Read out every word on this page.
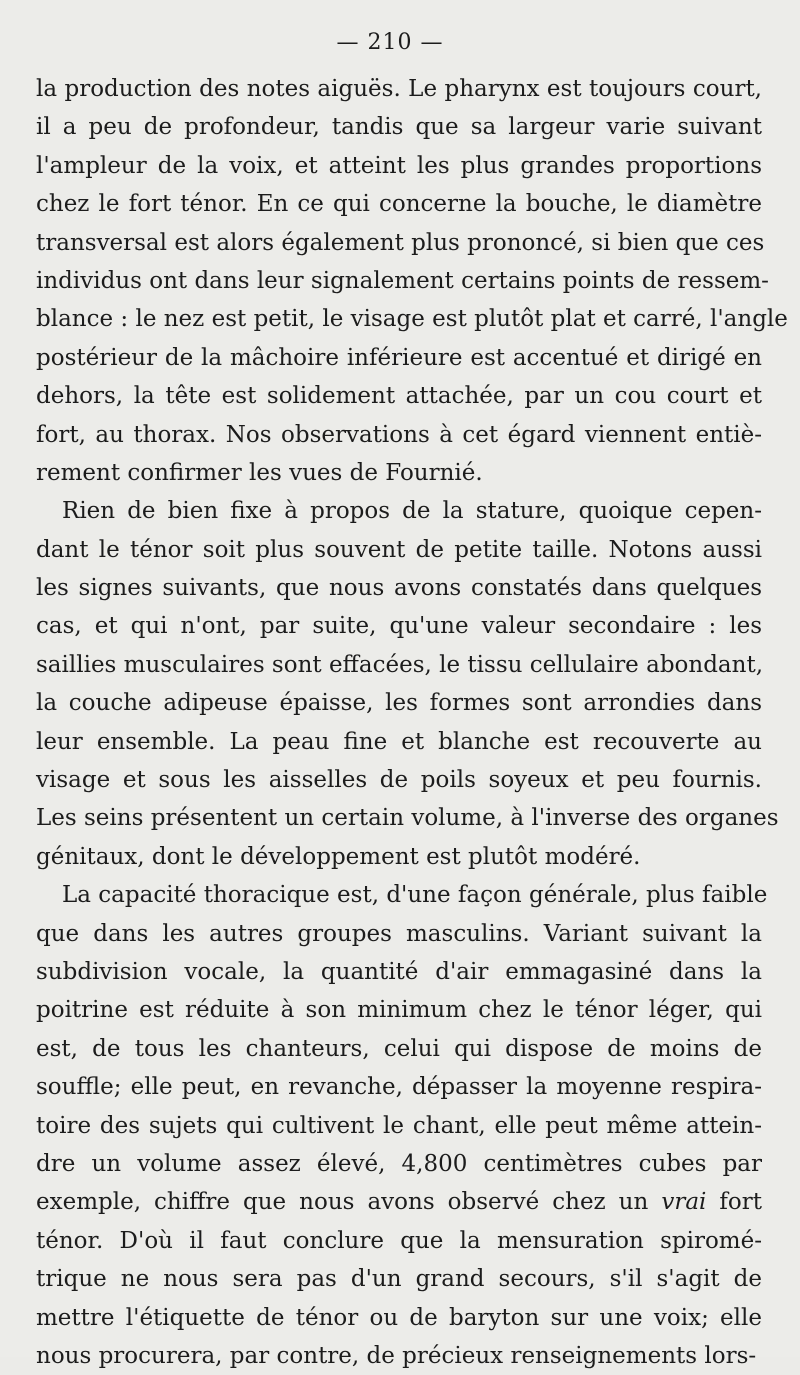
— 210 —
la production des notes aiguës. Le pharynx est toujours court,
il a peu de profondeur, tandis que sa largeur varie suivant
l'ampleur de la voix, et atteint les plus grandes proportions
chez le fort ténor. En ce qui concerne la bouche, le diamètre
transversal est alors également plus prononcé, si bien que ces
individus ont dans leur signalement certains points de ressem-
blance : le nez est petit, le visage est plutôt plat et carré, l'angle
postérieur de la mâchoire inférieure est accentué et dirigé en
dehors, la tête est solidement attachée, par un cou court et
fort, au thorax. Nos observations à cet égard viennent entiè-
rement confirmer les vues de Fournié.
Rien de bien fixe à propos de la stature, quoique cepen-
dant le ténor soit plus souvent de petite taille. Notons aussi
les signes suivants, que nous avons constatés dans quelques
cas, et qui n'ont, par suite, qu'une valeur secondaire : les
saillies musculaires sont effacées, le tissu cellulaire abondant,
la couche adipeuse épaisse, les formes sont arrondies dans
leur ensemble. La peau fine et blanche est recouverte au
visage et sous les aisselles de poils soyeux et peu fournis.
Les seins présentent un certain volume, à l'inverse des organes
génitaux, dont le développement est plutôt modéré.
La capacité thoracique est, d'une façon générale, plus faible
que dans les autres groupes masculins. Variant suivant la
subdivision vocale, la quantité d'air emmagasiné dans la
poitrine est réduite à son minimum chez le ténor léger, qui
est, de tous les chanteurs, celui qui dispose de moins de
souffle; elle peut, en revanche, dépasser la moyenne respira-
toire des sujets qui cultivent le chant, elle peut même attein-
dre un volume assez élevé, 4,800 centimètres cubes par
exemple, chiffre que nous avons observé chez un vrai fort
ténor. D'où il faut conclure que la mensuration spiromé-
trique ne nous sera pas d'un grand secours, s'il s'agit de
mettre l'étiquette de ténor ou de baryton sur une voix; elle
nous procurera, par contre, de précieux renseignements lors-
